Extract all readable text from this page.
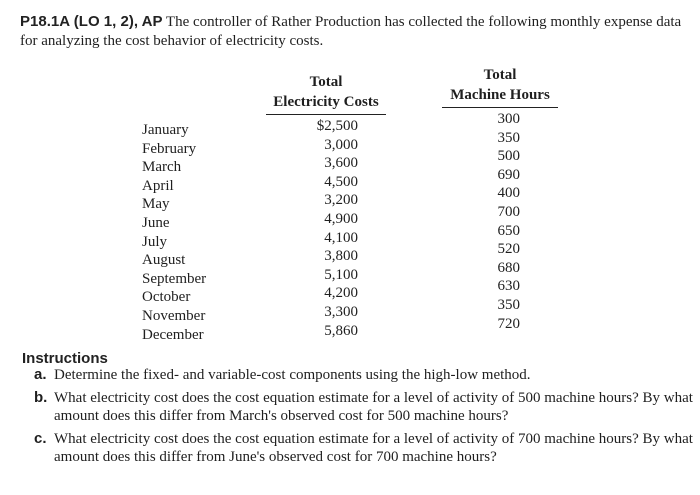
P18.1A (LO 1, 2), AP The controller of Rather Production has collected the following monthly expense data for analyzing the cost behavior of electricity costs.
Total
Electricity Costs
Total
Machine Hours
January
February
March
April
May
June
July
August
September
October
November
December
$2,500
3,000
3,600
4,500
3,200
4,900
4,100
3,800
5,100
4,200
3,300
5,860
300
350
500
690
400
700
650
520
680
630
350
720
Instructions
a. Determine the fixed- and variable-cost components using the high-low method.
b. What electricity cost does the cost equation estimate for a level of activity of 500 machine hours? By what amount does this differ from March's observed cost for 500 machine hours?
c. What electricity cost does the cost equation estimate for a level of activity of 700 machine hours? By what amount does this differ from June's observed cost for 700 machine hours?
